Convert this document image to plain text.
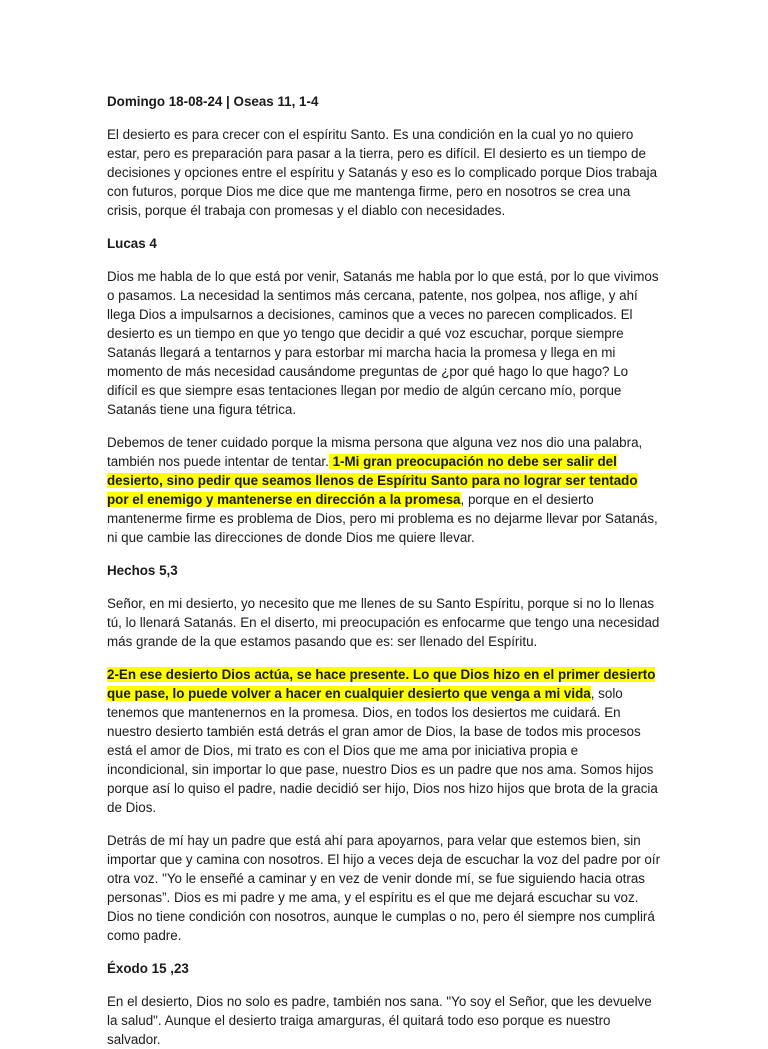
Domingo 18-08-24 | Oseas 11, 1-4

El desierto es para crecer con el espíritu Santo. Es una condición en la cual yo no quiero estar, pero es preparación para pasar a la tierra, pero es difícil. El desierto es un tiempo de decisiones y opciones entre el espíritu y Satanás y eso es lo complicado porque Dios trabaja con futuros, porque Dios me dice que me mantenga firme, pero en nosotros se crea una crisis, porque él trabaja con promesas y el diablo con necesidades.

Lucas 4

Dios me habla de lo que está por venir, Satanás me habla por lo que está, por lo que vivimos o pasamos. La necesidad la sentimos más cercana, patente, nos golpea, nos aflige, y ahí llega Dios a impulsarnos a decisiones, caminos que a veces no parecen complicados. El desierto es un tiempo en que yo tengo que decidir a qué voz escuchar, porque siempre Satanás llegará a tentarnos y para estorbar mi marcha hacia la promesa y llega en mi momento de más necesidad causándome preguntas de ¿por qué hago lo que hago? Lo difícil es que siempre esas tentaciones llegan por medio de algún cercano mío, porque Satanás tiene una figura tétrica.

Debemos de tener cuidado porque la misma persona que alguna vez nos dio una palabra, también nos puede intentar de tentar. 1-Mi gran preocupación no debe ser salir del desierto, sino pedir que seamos llenos de Espíritu Santo para no lograr ser tentado por el enemigo y mantenerse en dirección a la promesa, porque en el desierto mantenerme firme es problema de Dios, pero mi problema es no dejarme llevar por Satanás, ni que cambie las direcciones de donde Dios me quiere llevar.

Hechos 5,3

Señor, en mi desierto, yo necesito que me llenes de su Santo Espíritu, porque si no lo llenas tú, lo llenará Satanás. En el diserto, mi preocupación es enfocarme que tengo una necesidad más grande de la que estamos pasando que es: ser llenado del Espíritu.

2-En ese desierto Dios actúa, se hace presente. Lo que Dios hizo en el primer desierto que pase, lo puede volver a hacer en cualquier desierto que venga a mi vida, solo tenemos que mantenernos en la promesa. Dios, en todos los desiertos me cuidará. En nuestro desierto también está detrás el gran amor de Dios, la base de todos mis procesos está el amor de Dios, mi trato es con el Dios que me ama por iniciativa propia e incondicional, sin importar lo que pase, nuestro Dios es un padre que nos ama. Somos hijos porque así lo quiso el padre, nadie decidió ser hijo, Dios nos hizo hijos que brota de la gracia de Dios.

Detrás de mí hay un padre que está ahí para apoyarnos, para velar que estemos bien, sin importar que y camina con nosotros. El hijo a veces deja de escuchar la voz del padre por oír otra voz. "Yo le enseñé a caminar y en vez de venir donde mí, se fue siguiendo hacia otras personas”. Dios es mi padre y me ama, y el espíritu es el que me dejará escuchar su voz. Dios no tiene condición con nosotros, aunque le cumplas o no, pero él siempre nos cumplirá como padre.

Éxodo 15 ,23

En el desierto, Dios no solo es padre, también nos sana. "Yo soy el Señor, que les devuelve la salud". Aunque el desierto traiga amarguras, él quitará todo eso porque es nuestro salvador.
